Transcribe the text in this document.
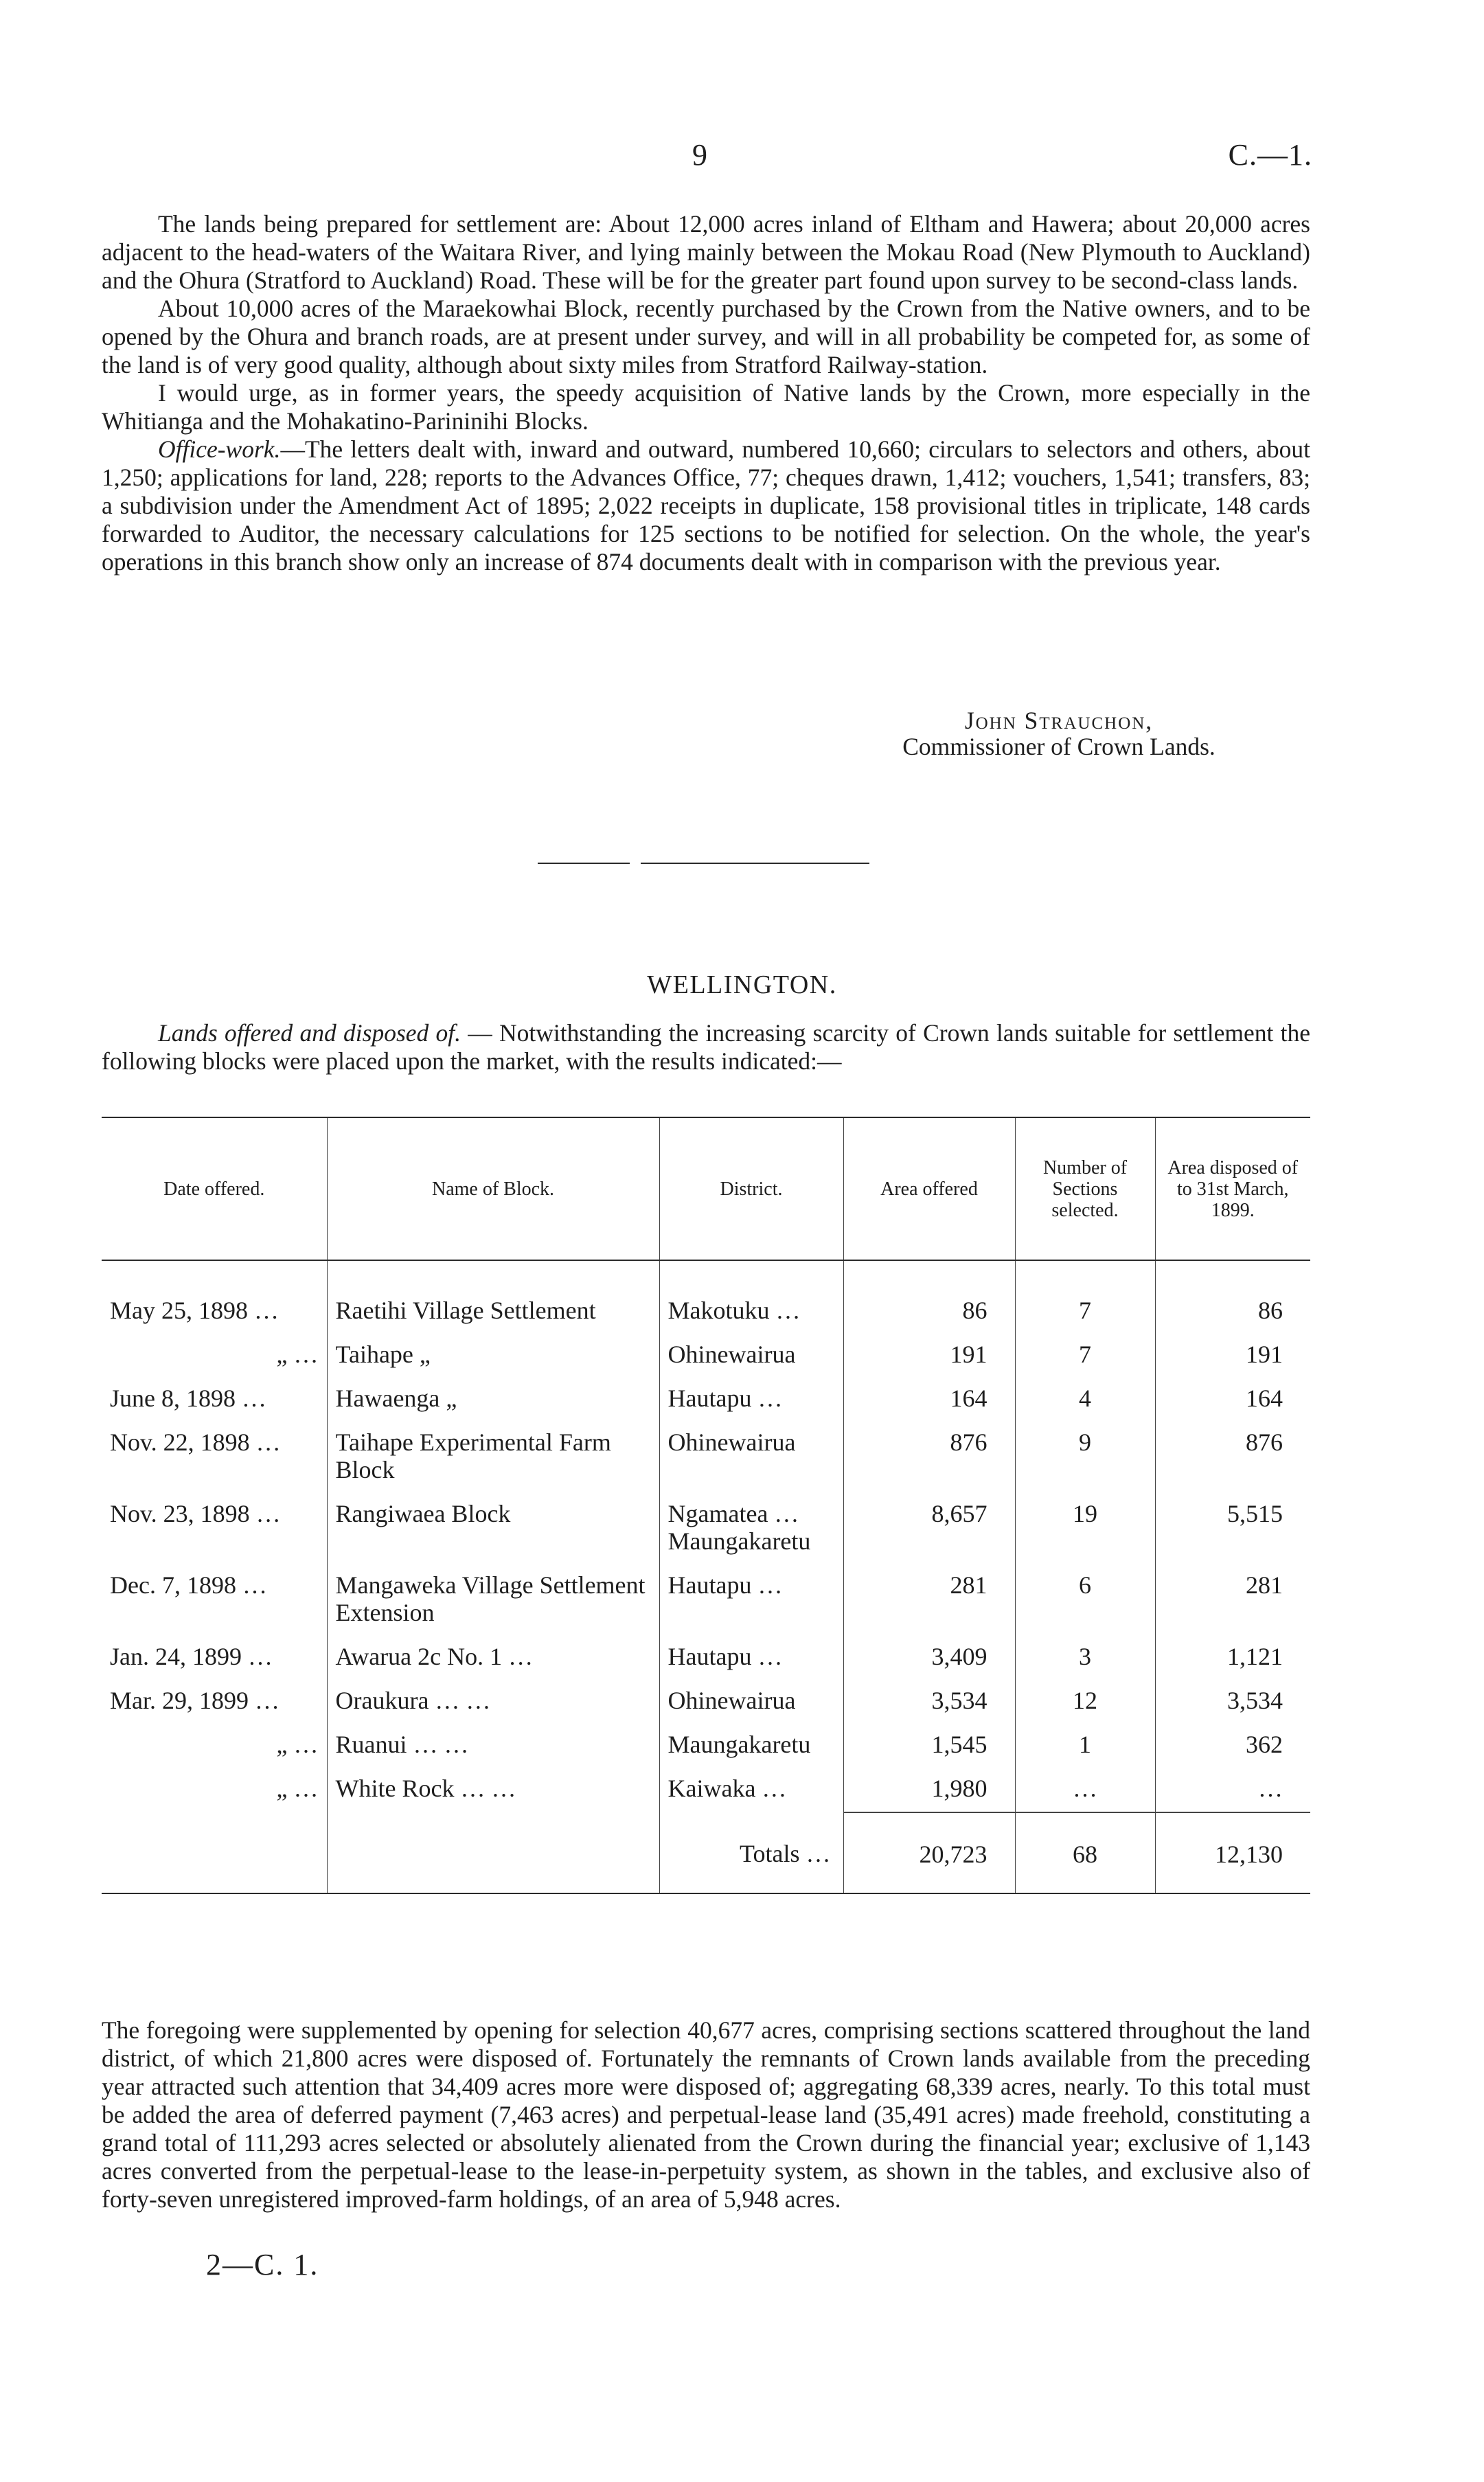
9	C.—1.

The lands being prepared for settlement are: About 12,000 acres inland of Eltham and Hawera; about 20,000 acres adjacent to the head-waters of the Waitara River, and lying mainly between the Mokau Road (New Plymouth to Auckland) and the Ohura (Stratford to Auckland) Road. These will be for the greater part found upon survey to be second-class lands.

About 10,000 acres of the Maraekowhai Block, recently purchased by the Crown from the Native owners, and to be opened by the Ohura and branch roads, are at present under survey, and will in all probability be competed for, as some of the land is of very good quality, although about sixty miles from Stratford Railway-station.

I would urge, as in former years, the speedy acquisition of Native lands by the Crown, more especially in the Whitianga and the Mohakatino-Parininihi Blocks.

Office-work.—The letters dealt with, inward and outward, numbered 10,660; circulars to selectors and others, about 1,250; applications for land, 228; reports to the Advances Office, 77; cheques drawn, 1,412; vouchers, 1,541; transfers, 83; a subdivision under the Amendment Act of 1895; 2,022 receipts in duplicate, 158 provisional titles in triplicate, 148 cards forwarded to Auditor, the necessary calculations for 125 sections to be notified for selection. On the whole, the year's operations in this branch show only an increase of 874 documents dealt with in comparison with the previous year.

John Strauchon,
Commissioner of Crown Lands.
WELLINGTON.

Lands offered and disposed of. — Notwithstanding the increasing scarcity of Crown lands suitable for settlement the following blocks were placed upon the market, with the results indicated:—

Date offered.	Name of Block.	District.	Area offered	Number of Sections selected.	Area disposed of to 31st March, 1899.
May 25, 1898 …	Raetihi Village Settlement	Makotuku …	86	7	86
„ …	Taihape „	Ohinewairua	191	7	191
June 8, 1898 …	Hawaenga „	Hautapu …	164	4	164
Nov. 22, 1898 …	Taihape Experimental Farm Block	Ohinewairua	876	9	876
Nov. 23, 1898 …	Rangiwaea Block	Ngamatea … Maungakaretu	8,657	19	5,515
Dec. 7, 1898 …	Mangaweka Village Settlement Extension	Hautapu …	281	6	281
Jan. 24, 1899 …	Awarua 2c No. 1 …	Hautapu …	3,409	3	1,121
Mar. 29, 1899 …	Oraukura … …	Ohinewairua	3,534	12	3,534
„ …	Ruanui … …	Maungakaretu	1,545	1	362
„ …	White Rock … …	Kaiwaka …	1,980	…	…
		Totals …	20,723	68	12,130

The foregoing were supplemented by opening for selection 40,677 acres, comprising sections scattered throughout the land district, of which 21,800 acres were disposed of. Fortunately the remnants of Crown lands available from the preceding year attracted such attention that 34,409 acres more were disposed of; aggregating 68,339 acres, nearly. To this total must be added the area of deferred payment (7,463 acres) and perpetual-lease land (35,491 acres) made freehold, constituting a grand total of 111,293 acres selected or absolutely alienated from the Crown during the financial year; exclusive of 1,143 acres converted from the perpetual-lease to the lease-in-perpetuity system, as shown in the tables, and exclusive also of forty-seven unregistered improved-farm holdings, of an area of 5,948 acres.

2—C. 1.
